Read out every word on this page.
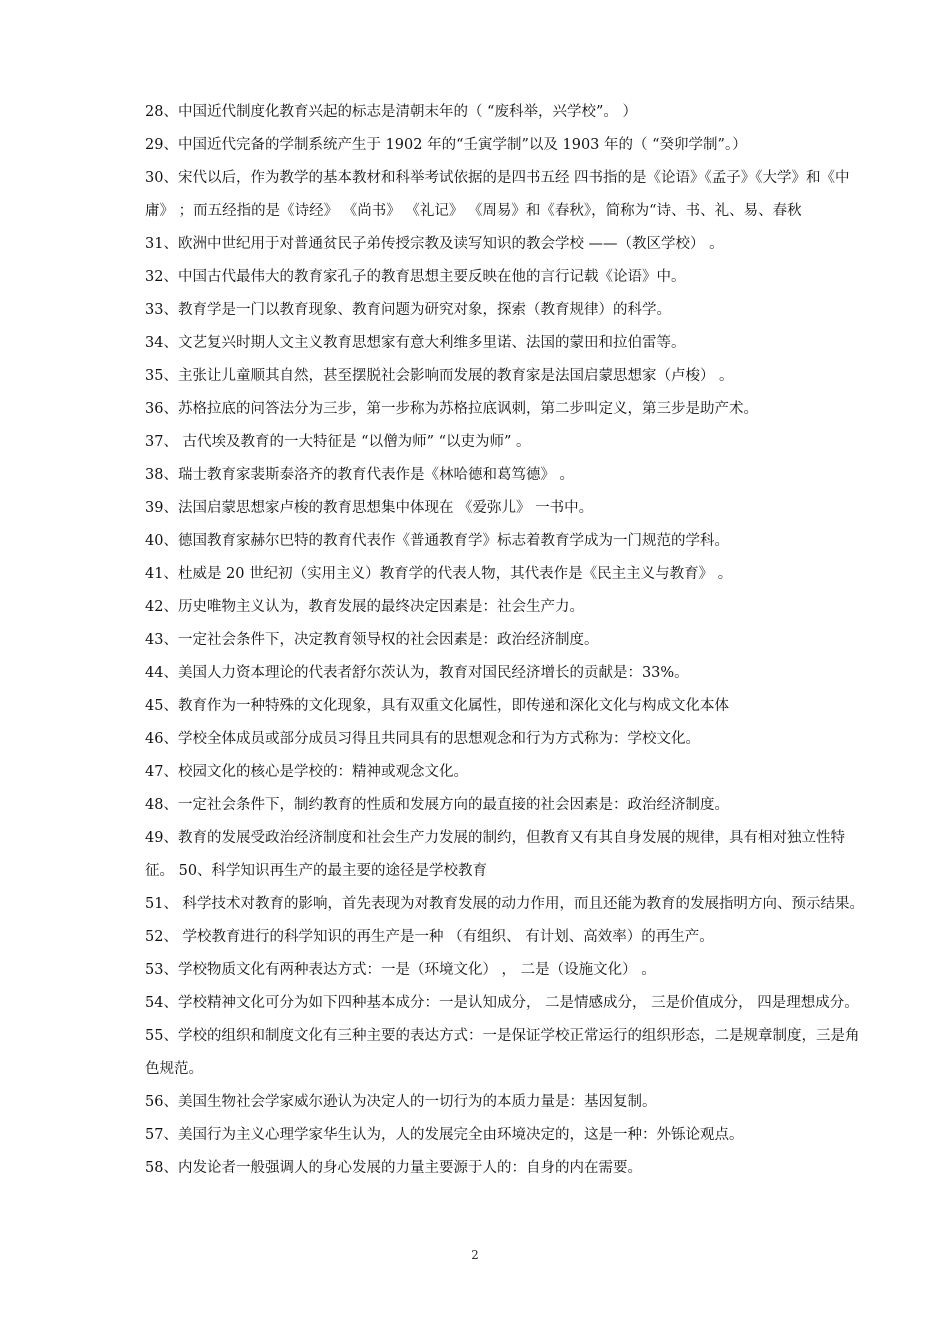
28、中国近代制度化教育兴起的标志是清朝末年的（ “废科举，兴学校”。 ）

29、中国近代完备的学制系统产生于 1902 年的“壬寅学制”以及 1903 年的（ “癸卯学制”。）

30、宋代以后，作为教学的基本教材和科举考试依据的是四书五经 四书指的是《论语》《孟子》《大学》和《中 庸》 ；而五经指的是《诗经》 《尚书》 《礼记》 《周易》和《春秋》，简称为“诗、书、礼、易、春秋

31、欧洲中世纪用于对普通贫民子弟传授宗教及读写知识的教会学校 ——（教区学校） 。

32、中国古代最伟大的教育家孔子的教育思想主要反映在他的言行记载《论语》中。

33、教育学是一门以教育现象、教育问题为研究对象，探索（教育规律）的科学。

34、文艺复兴时期人文主义教育思想家有意大利维多里诺、法国的蒙田和拉伯雷等。

35、主张让儿童顺其自然，甚至摆脱社会影响而发展的教育家是法国启蒙思想家（卢梭） 。

36、苏格拉底的问答法分为三步，第一步称为苏格拉底讽刺，第二步叫定义，第三步是助产术。

37、 古代埃及教育的一大特征是 “以僧为师” “以吏为师” 。

38、瑞士教育家裴斯泰洛齐的教育代表作是《林哈德和葛笃德》 。

39、法国启蒙思想家卢梭的教育思想集中体现在 《爱弥儿》 一书中。

40、德国教育家赫尔巴特的教育代表作《普通教育学》标志着教育学成为一门规范的学科。

41、杜威是 20 世纪初（实用主义）教育学的代表人物，其代表作是《民主主义与教育》 。

42、历史唯物主义认为，教育发展的最终决定因素是：社会生产力。

43、一定社会条件下，决定教育领导权的社会因素是：政治经济制度。

44、美国人力资本理论的代表者舒尔茨认为，教育对国民经济增长的贡献是：33%。

45、教育作为一种特殊的文化现象，具有双重文化属性，即传递和深化文化与构成文化本体

46、学校全体成员或部分成员习得且共同具有的思想观念和行为方式称为：学校文化。

47、校园文化的核心是学校的：精神或观念文化。

48、一定社会条件下，制约教育的性质和发展方向的最直接的社会因素是：政治经济制度。

49、教育的发展受政治经济制度和社会生产力发展的制约，但教育又有其自身发展的规律，具有相对独立性特征。 50、科学知识再生产的最主要的途径是学校教育

51、 科学技术对教育的影响，首先表现为对教育发展的动力作用，而且还能为教育的发展指明方向、预示结果。

52、 学校教育进行的科学知识的再生产是一种 （有组织、 有计划、高效率）的再生产。

53、学校物质文化有两种表达方式：一是（环境文化） ， 二是（设施文化） 。

54、学校精神文化可分为如下四种基本成分：一是认知成分， 二是情感成分， 三是价值成分， 四是理想成分。

55、学校的组织和制度文化有三种主要的表达方式：一是保证学校正常运行的组织形态，二是规章制度，三是角色规范。

56、美国生物社会学家威尔逊认为决定人的一切行为的本质力量是：基因复制。

57、美国行为主义心理学家华生认为，人的发展完全由环境决定的，这是一种：外铄论观点。

58、内发论者一般强调人的身心发展的力量主要源于人的：自身的内在需要。

2
